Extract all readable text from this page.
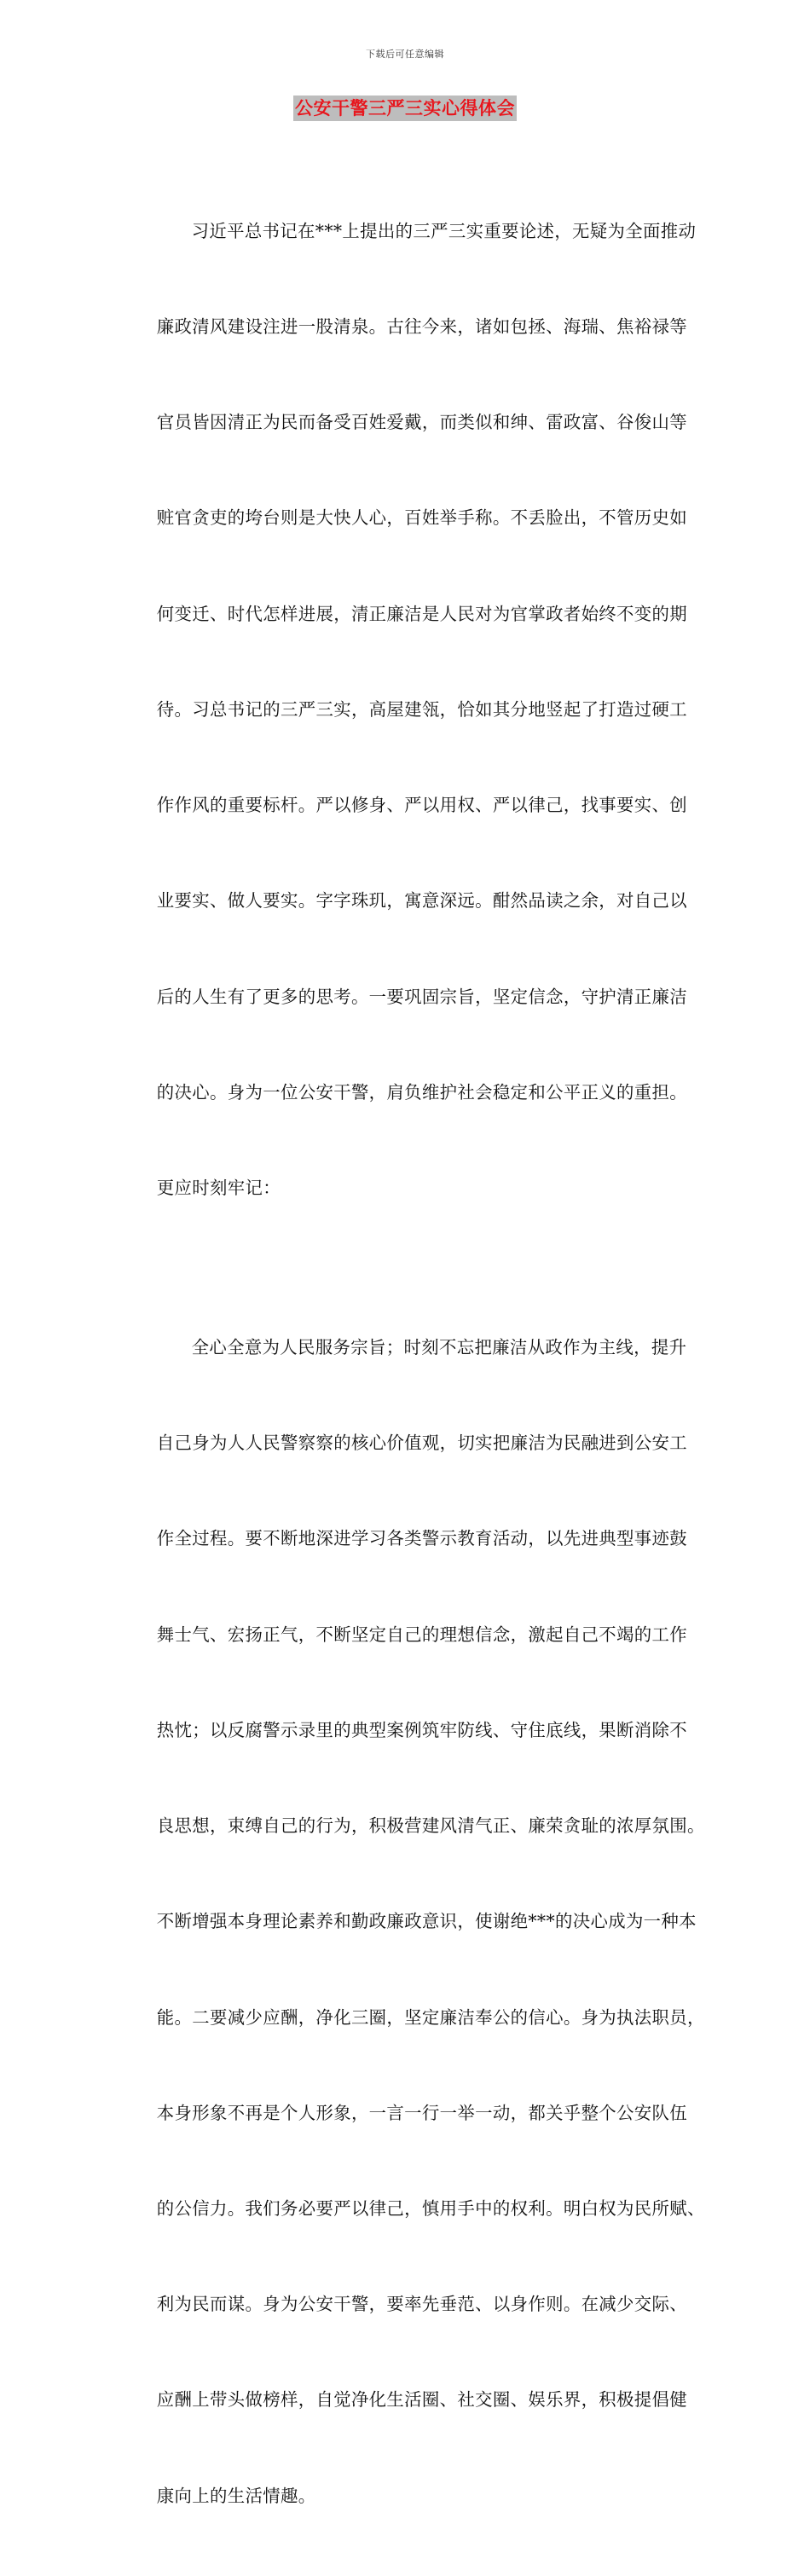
下载后可任意编辑
公安干警三严三实心得体会

习近平总书记在***上提出的三严三实重要论述，无疑为全面推动

廉政清风建设注进一股清泉。古往今来，诸如包拯、海瑞、焦裕禄等

官员皆因清正为民而备受百姓爱戴，而类似和绅、雷政富、谷俊山等

赃官贪吏的垮台则是大快人心，百姓举手称。不丢脸出，不管历史如

何变迁、时代怎样进展，清正廉洁是人民对为官掌政者始终不变的期

待。习总书记的三严三实，高屋建瓴，恰如其分地竖起了打造过硬工

作作风的重要标杆。严以修身、严以用权、严以律己，找事要实、创

业要实、做人要实。字字珠玑，寓意深远。酣然品读之余，对自己以

后的人生有了更多的思考。一要巩固宗旨，坚定信念，守护清正廉洁

的决心。身为一位公安干警，肩负维护社会稳定和公平正义的重担。

更应时刻牢记：

全心全意为人民服务宗旨；时刻不忘把廉洁从政作为主线，提升

自己身为人人民警察察的核心价值观，切实把廉洁为民融进到公安工

作全过程。要不断地深进学习各类警示教育活动，以先进典型事迹鼓

舞士气、宏扬正气，不断坚定自己的理想信念，激起自己不竭的工作

热忱；以反腐警示录里的典型案例筑牢防线、守住底线，果断消除不

良思想，束缚自己的行为，积极营建风清气正、廉荣贪耻的浓厚氛围。

不断增强本身理论素养和勤政廉政意识，使谢绝***的决心成为一种本

能。二要减少应酬，净化三圈，坚定廉洁奉公的信心。身为执法职员，

本身形象不再是个人形象，一言一行一举一动，都关乎整个公安队伍

的公信力。我们务必要严以律己，慎用手中的权利。明白权为民所赋、

利为民而谋。身为公安干警，要率先垂范、以身作则。在减少交际、

应酬上带头做榜样，自觉净化生活圈、社交圈、娱乐界，积极提倡健

康向上的生活情趣。
